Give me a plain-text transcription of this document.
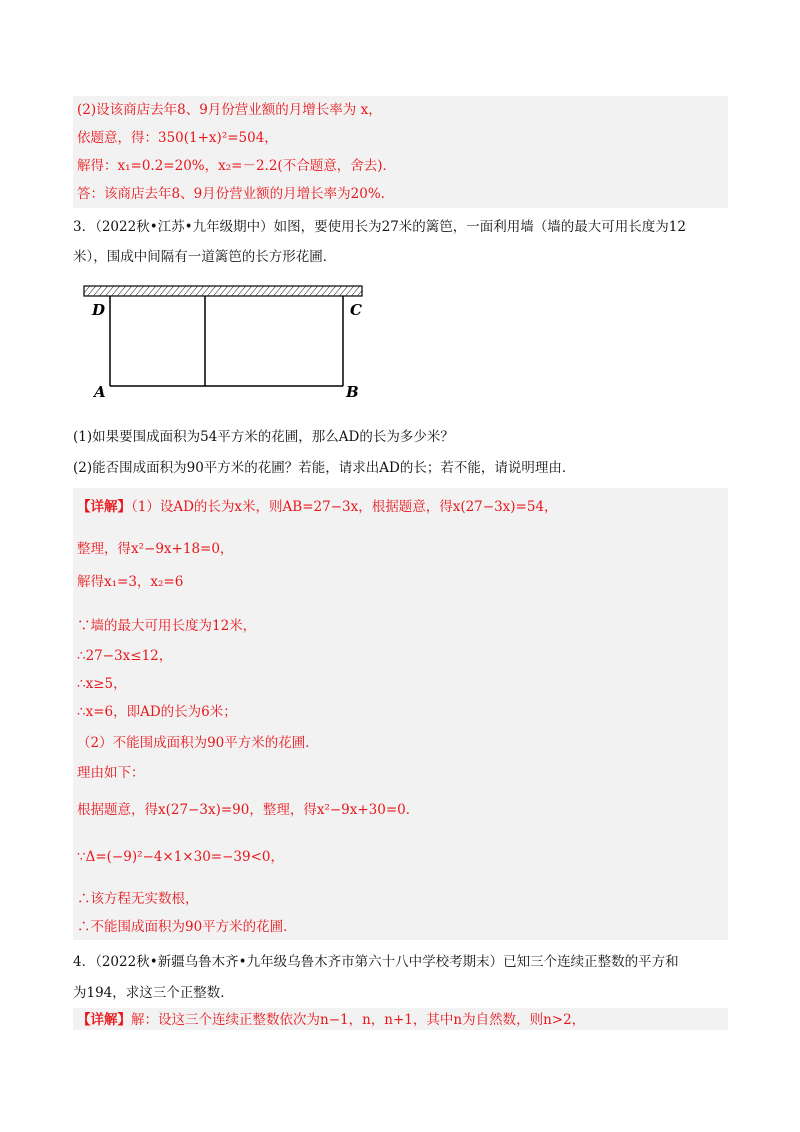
(2)设该商店去年8、9月份营业额的月增长率为 x，
依题意，得：350(1+x)²=504，
解得：x₁=0.2=20%，x₂=－2.2(不合题意，舍去)．
答：该商店去年8、9月份营业额的月增长率为20%.
3．（2022秋•江苏•九年级期中）如图，要使用长为27米的篱笆，一面利用墙（墙的最大可用长度为12
米），围成中间隔有一道篱笆的长方形花圃．
D	C
A	B
(1)如果要围成面积为54平方米的花圃，那么AD的长为多少米？
(2)能否围成面积为90平方米的花圃？若能，请求出AD的长；若不能，请说明理由．
【详解】（1）设AD的长为x米，则AB=27−3x，根据题意，得x(27−3x)=54，
整理，得x²−9x+18=0，
解得x₁=3，x₂=6
∵墙的最大可用长度为12米，
∴27−3x≤12，
∴x≥5，
∴x=6，即AD的长为6米；
（2）不能围成面积为90平方米的花圃．
理由如下：
根据题意，得x(27−3x)=90，整理，得x²−9x+30=0．
∵Δ=(−9)²−4×1×30=−39<0，
∴该方程无实数根，
∴不能围成面积为90平方米的花圃．
4．（2022秋•新疆乌鲁木齐•九年级乌鲁木齐市第六十八中学校考期末）已知三个连续正整数的平方和
为194，求这三个正整数．
【详解】解：设这三个连续正整数依次为n−1，n，n+1，其中n为自然数，则n>2，
